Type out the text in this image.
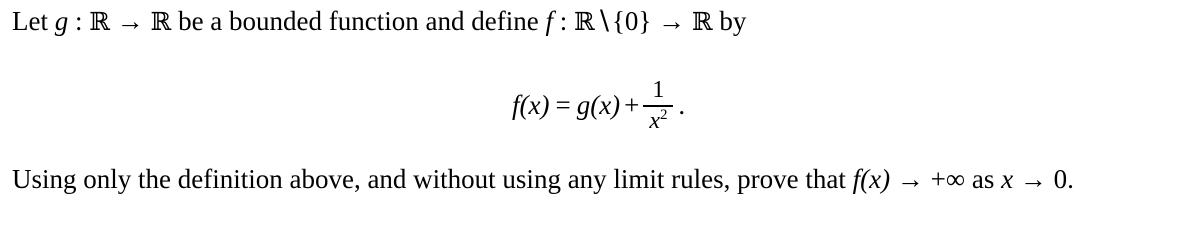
Let g : ℝ → ℝ be a bounded function and define f : ℝ∖{0} → ℝ by
$f(x) = g(x) + \frac{1}{x^2}$ .
Using only the definition above, and without using any limit rules, prove that f(x) → +∞ as x → 0.
